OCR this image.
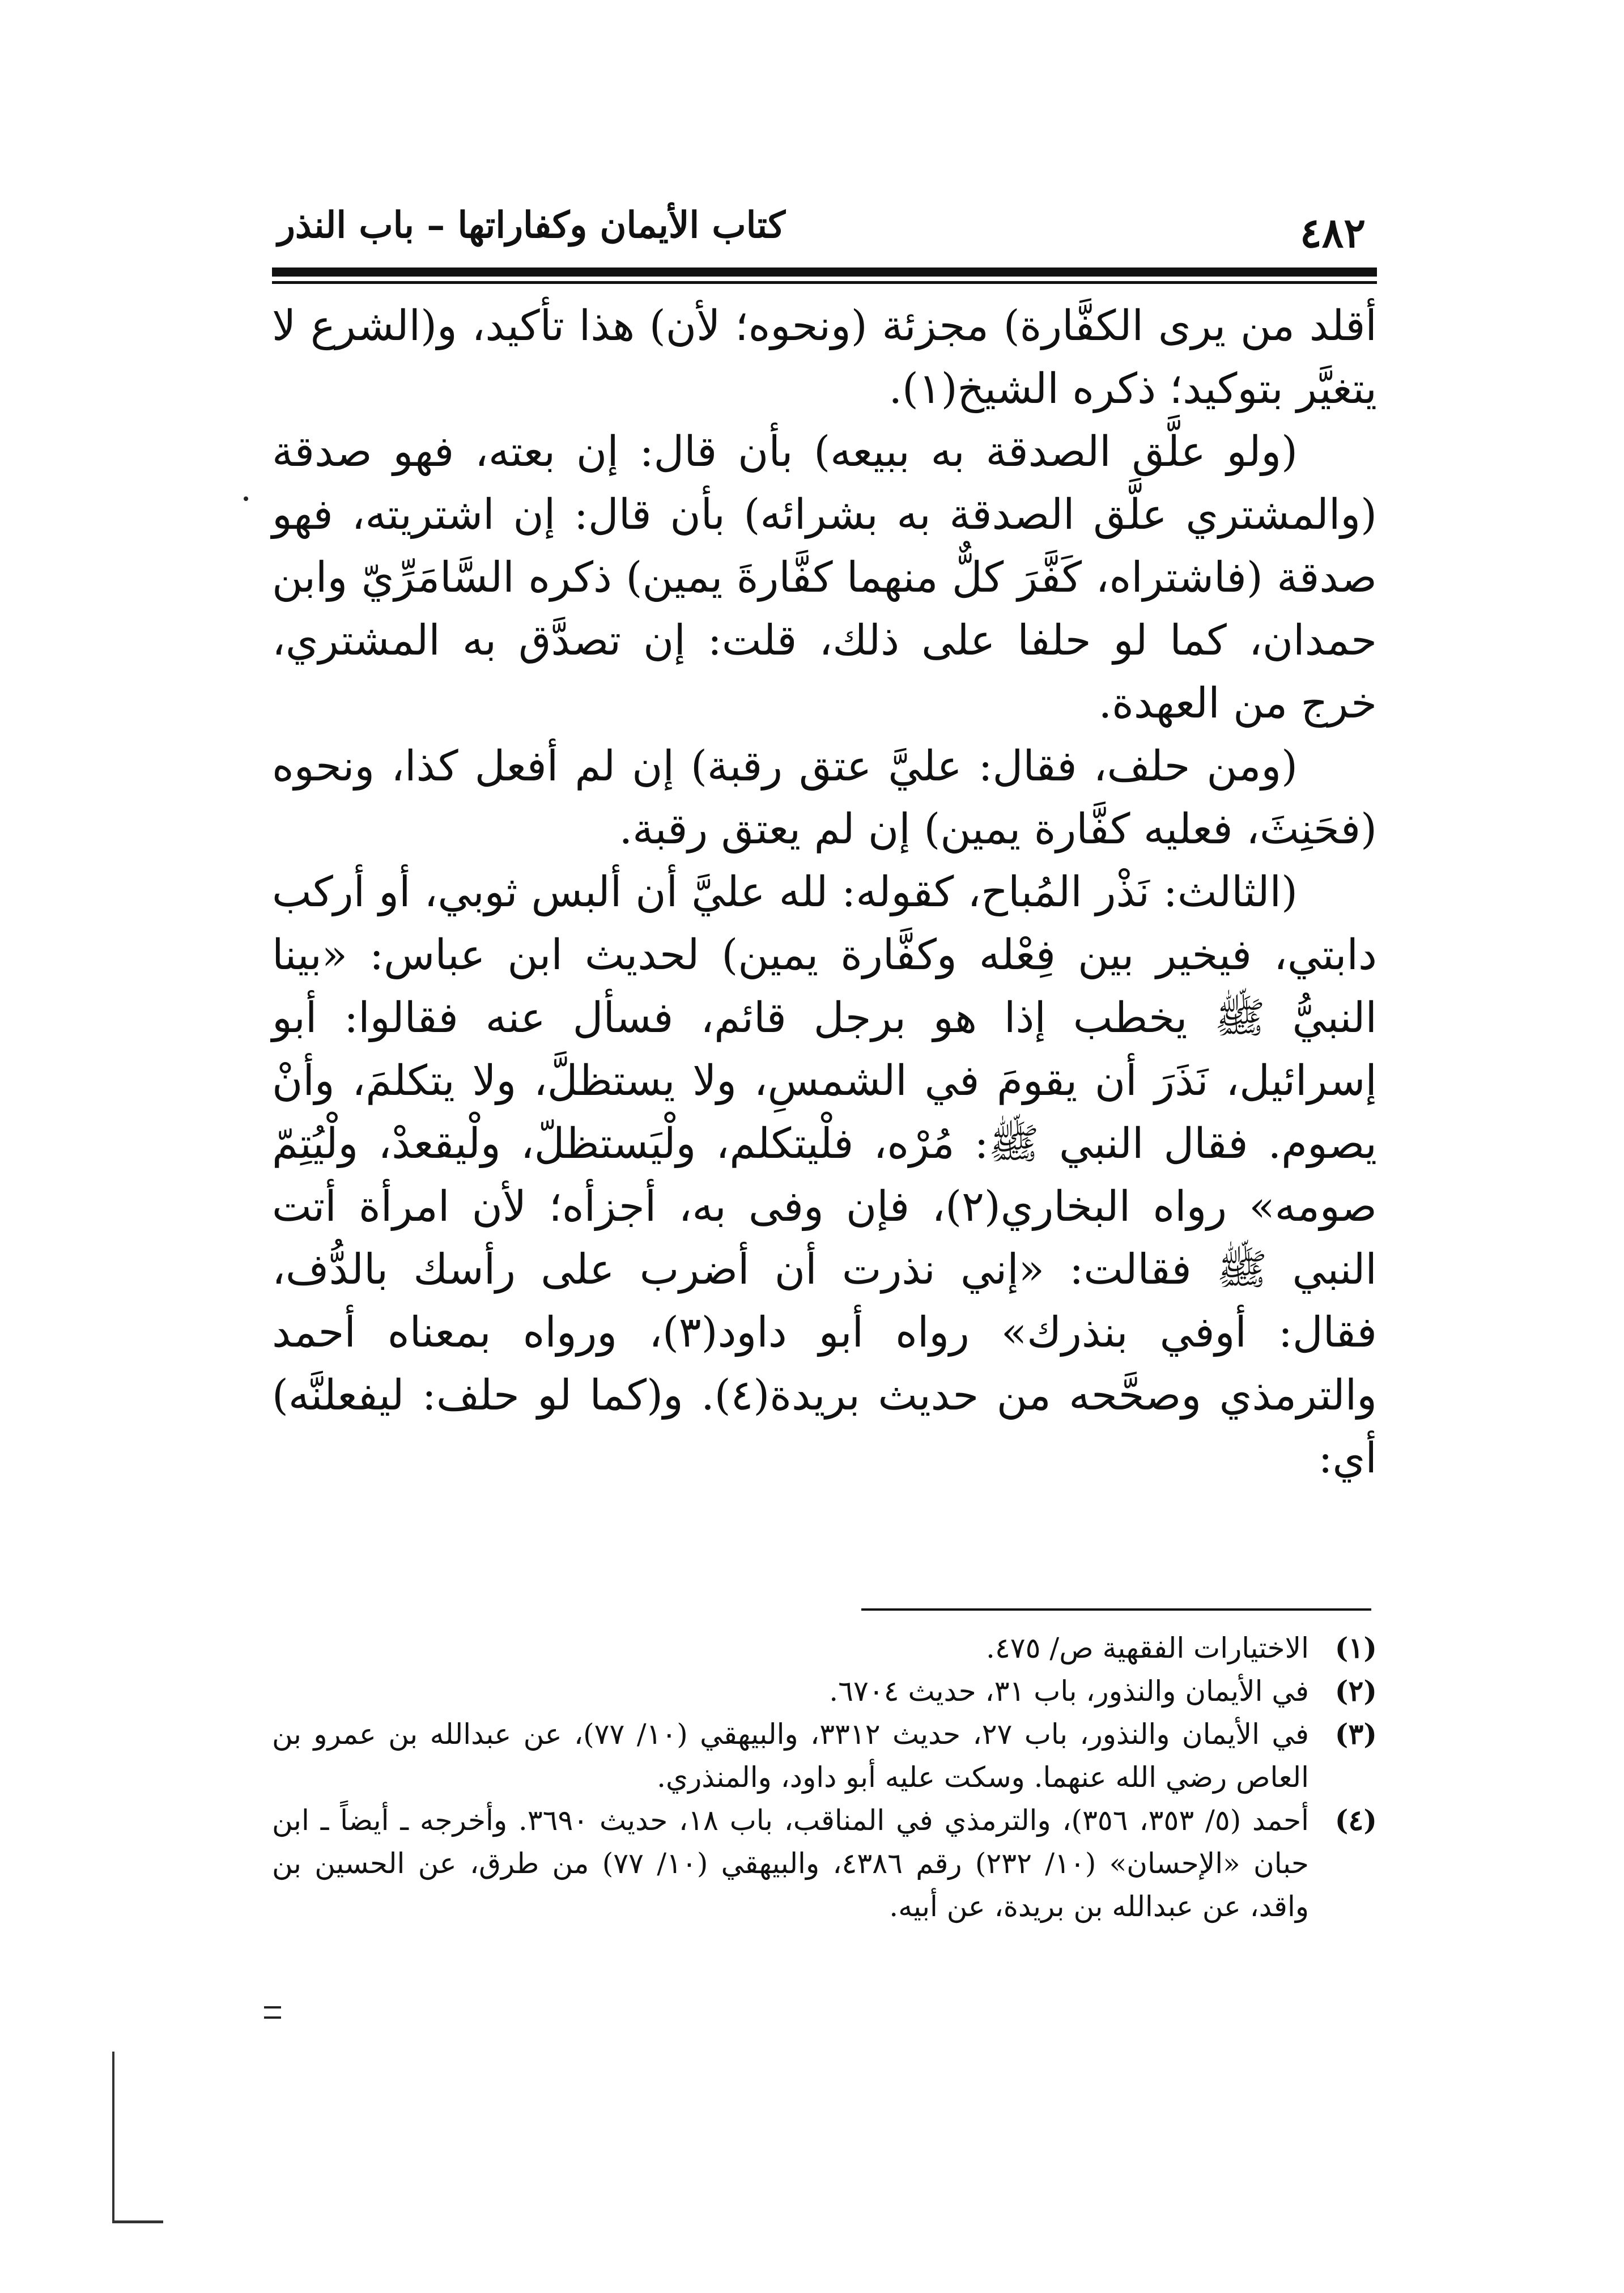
٤٨٢
كتاب الأيمان وكفاراتها – باب النذر

أقلد من يرى الكفَّارة) مجزئة (ونحوه؛ لأن) هذا تأكيد، و(الشرع لا يتغيَّر بتوكيد؛ ذكره الشيخ(١).

(ولو علَّق الصدقة به ببيعه) بأن قال: إن بعته، فهو صدقة (والمشتري علَّق الصدقة به بشرائه) بأن قال: إن اشتريته، فهو صدقة (فاشتراه، كَفَّرَ كلٌّ منهما كفَّارةَ يمين) ذكره السَّامَرِّيّ وابن حمدان، كما لو حلفا على ذلك، قلت: إن تصدَّق به المشتري، خرج من العهدة.

(ومن حلف، فقال: عليَّ عتق رقبة) إن لم أفعل كذا، ونحوه (فحَنِثَ، فعليه كفَّارة يمين) إن لم يعتق رقبة.

(الثالث: نَذْر المُباح، كقوله: لله عليَّ أن ألبس ثوبي، أو أركب دابتي، فيخير بين فِعْله وكفَّارة يمين) لحديث ابن عباس: «بينا النبيُّ ﷺ يخطب إذا هو برجل قائم، فسأل عنه فقالوا: أبو إسرائيل، نَذَرَ أن يقومَ في الشمسِ، ولا يستظلَّ، ولا يتكلمَ، وأنْ يصوم. فقال النبي ﷺ: مُرْه، فلْيتكلم، ولْيَستظلّ، ولْيقعدْ، ولْيُتِمّ صومه» رواه البخاري(٢)، فإن وفى به، أجزأه؛ لأن امرأة أتت النبي ﷺ فقالت: «إني نذرت أن أضرب على رأسك بالدُّف، فقال: أوفي بنذرك» رواه أبو داود(٣)، ورواه بمعناه أحمد والترمذي وصحَّحه من حديث بريدة(٤). و(كما لو حلف: ليفعلنَّه) أي:

(١)
الاختيارات الفقهية ص/ ٤٧٥.
(٢)
في الأيمان والنذور، باب ٣١، حديث ٦٧٠٤.
(٣)
في الأيمان والنذور، باب ٢٧، حديث ٣٣١٢، والبيهقي (١٠/ ٧٧)، عن عبدالله بن عمرو بن العاص رضي الله عنهما. وسكت عليه أبو داود، والمنذري.
(٤)
أحمد (٥/ ٣٥٣، ٣٥٦)، والترمذي في المناقب، باب ١٨، حديث ٣٦٩٠. وأخرجه ـ أيضاً ـ ابن حبان «الإحسان» (١٠/ ٢٣٢) رقم ٤٣٨٦، والبيهقي (١٠/ ٧٧) من طرق، عن الحسين بن واقد، عن عبدالله بن بريدة، عن أبيه.
